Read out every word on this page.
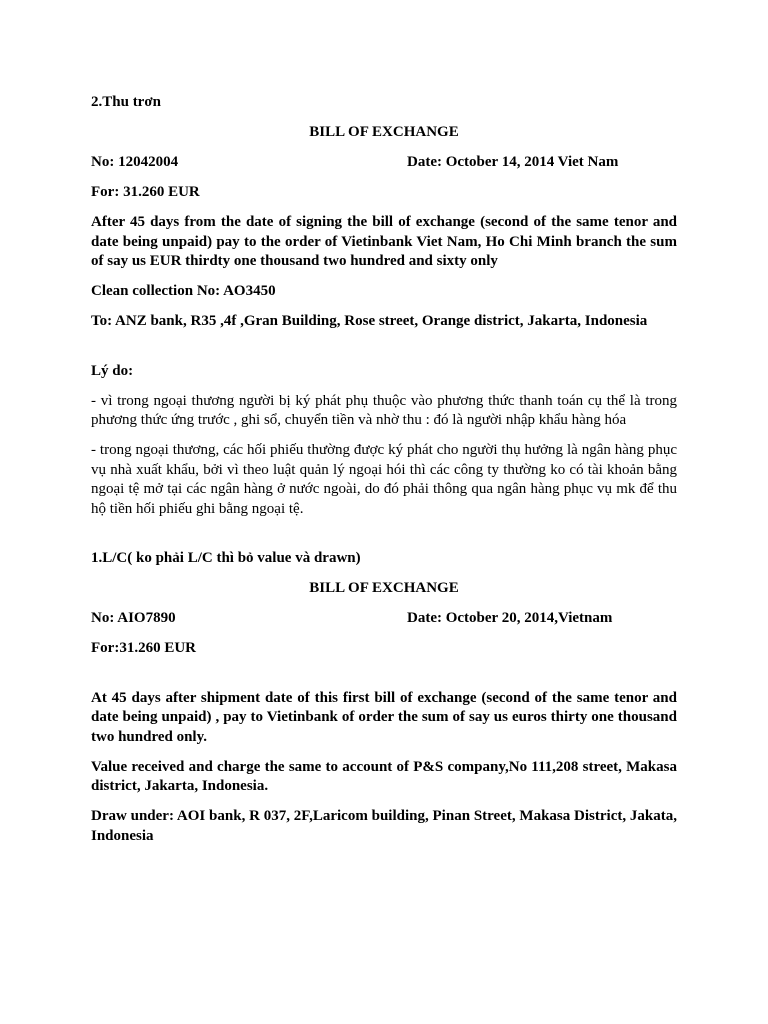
2.Thu trơn

BILL OF EXCHANGE

No: 12042004	Date: October 14, 2014 Viet Nam

For: 31.260 EUR

After 45 days from the date of signing the bill of exchange (second of the same tenor and date being unpaid) pay to the order of Vietinbank Viet Nam, Ho Chi Minh branch the sum of say us EUR thirdty one thousand two hundred and sixty only

Clean collection No: AO3450

To: ANZ bank, R35 ,4f ,Gran Building, Rose street, Orange district, Jakarta, Indonesia

Lý do:

- vì trong ngoại thương người bị ký phát phụ thuộc vào phương thức thanh toán cụ thể là trong phương thức ứng trước , ghi sổ, chuyển tiền và nhờ thu : đó là người nhập khẩu hàng hóa

- trong ngoại thương, các hối phiếu thường được ký phát cho người thụ hưởng là ngân hàng phục vụ nhà xuất khẩu, bởi vì theo luật quản lý ngoại hói thì các công ty thường ko có tài khoản bằng ngoại tệ mở tại các ngân hàng ở nước ngoài, do đó phải thông qua ngân hàng phục vụ mk để thu hộ tiền hối phiếu ghi bằng ngoại tệ.

1.L/C( ko phải L/C thì bỏ value và drawn)

BILL OF EXCHANGE

No: AIO7890	Date: October 20, 2014,Vietnam

For:31.260 EUR

At 45 days after shipment date of this first bill of exchange (second of the same tenor and date being unpaid) , pay to Vietinbank of order the sum of say us euros thirty one thousand two hundred only.

Value received and charge the same to account of P&S company,No 111,208 street, Makasa district, Jakarta, Indonesia.

Draw under: AOI bank, R 037, 2F,Laricom building, Pinan Street, Makasa District, Jakata, Indonesia
